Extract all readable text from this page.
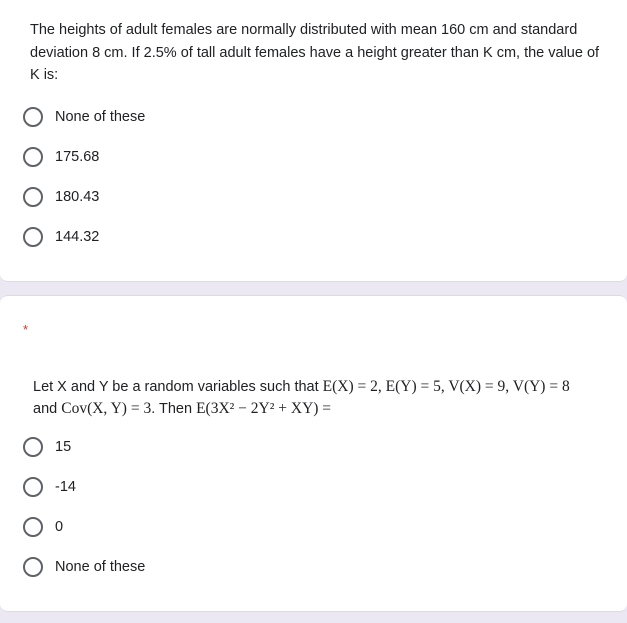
The heights of adult females are normally distributed with mean 160 cm and standard deviation 8 cm. If 2.5% of tall adult females have a height greater than K cm, the value of K is:
None of these
175.68
180.43
144.32
*
Let X and Y be a random variables such that E(X) = 2, E(Y) = 5, V(X) = 9, V(Y) = 8
and Cov(X, Y) = 3. Then E(3X² − 2Y² + XY) =
15
-14
0
None of these
